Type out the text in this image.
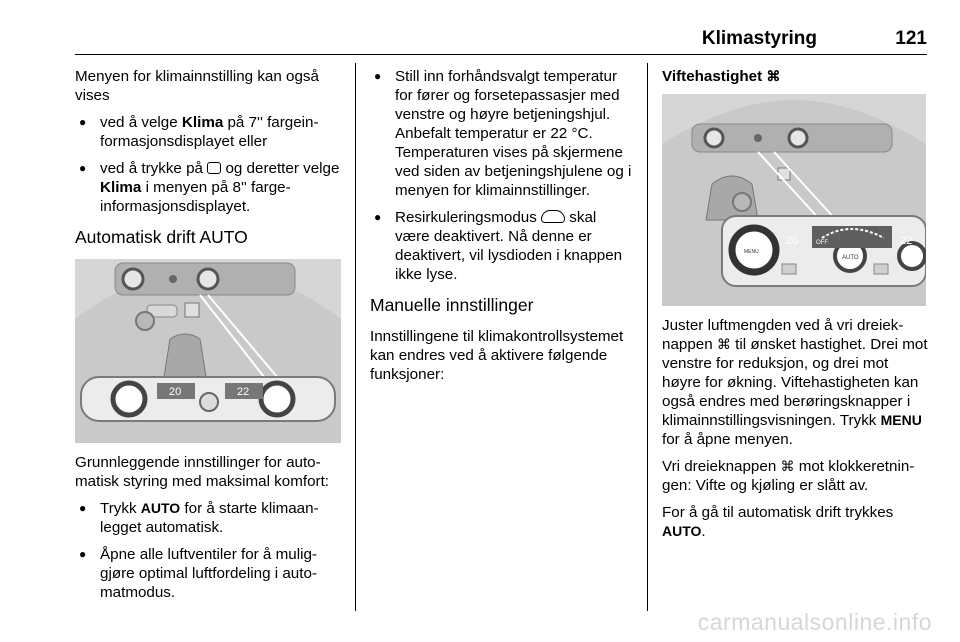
Klimastyring	121

Menyen for klimainnstilling kan også vises

● ved å velge Klima på 7'' fargeinformasjonsdisplayet eller
● ved å trykke på  og deretter velge Klima i menyen på 8'' fargeinformasjonsdisplayet.
Automatisk drift AUTO
20	22

Grunnleggende innstillinger for automatisk styring med maksimal komfort:

● Trykk AUTO for å starte klimaanlegget automatisk.
● Åpne alle luftventiler for å muliggjøre optimal luftfordeling i automatmodus.
● Still inn forhåndsvalgt temperatur for fører og forsetepassasjer med venstre og høyre betjeningshjul. Anbefalt temperatur er 22 °C. Temperaturen vises på skjermene ved siden av betjeningshjulene og i menyen for klimainnstillinger.
● Resirkuleringsmodus  skal være deaktivert. Nå denne er deaktivert, vil lysdioden i knappen ikke lyse.
Manuelle innstillinger

Innstillingene til klimakontrollsystemet kan endres ved å aktivere følgende funksjoner:

Viftehastighet ⌘
20	22
OFF
MENU
AUTO

Juster luftmengden ved å vri dreieknappen ⌘ til ønsket hastighet. Drei mot venstre for reduksjon, og drei mot høyre for økning. Viftehastigheten kan også endres med berøringsknapper i klimainnstillingsvisningen. Trykk MENU for å åpne menyen.

Vri dreieknappen ⌘ mot klokkeretningen: Vifte og kjøling er slått av.

For å gå til automatisk drift trykkes AUTO.

carmanualsonline.info
